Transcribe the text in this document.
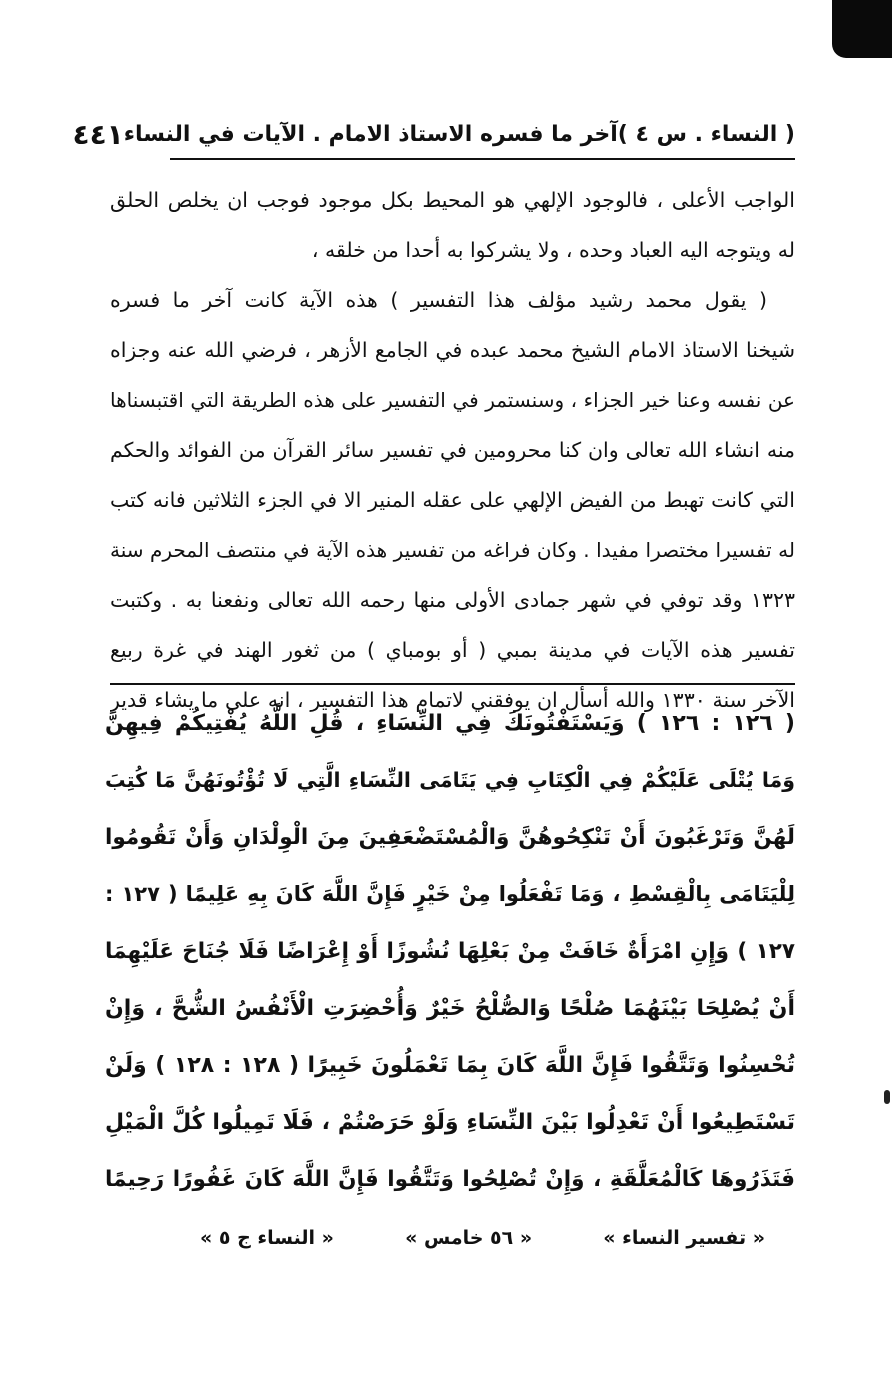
( النساء . س ٤ )
آخر ما فسره الاستاذ الامام . الآيات في النساء
٤٤١
الواجب الأعلى ، فالوجود الإلهي هو المحيط بكل موجود فوجب ان يخلص الحلق
له ويتوجه اليه العباد وحده ، ولا يشركوا به أحدا من خلقه ،
( يقول محمد رشيد مؤلف هذا التفسير ) هذه الآية كانت آخر ما فسره
شيخنا الاستاذ الامام الشيخ محمد عبده في الجامع الأزهر ، فرضي الله عنه وجزاه
عن نفسه وعنا خير الجزاء ، وسنستمر في التفسير على هذه الطريقة التي اقتبسناها
منه انشاء الله تعالى وان كنا محرومين في تفسير سائر القرآن من الفوائد والحكم
التي كانت تهبط من الفيض الإلهي على عقله المنير الا في الجزء الثلاثين فانه كتب
له تفسيرا مختصرا مفيدا . وكان فراغه من تفسير هذه الآية في منتصف المحرم سنة
١٣٢٣ وقد توفي في شهر جمادى الأولى منها رحمه الله تعالى ونفعنا به . وكتبت
تفسير هذه الآيات في مدينة بمبي ( أو بومباي ) من ثغور الهند في غرة ربيع
الآخر سنة ١٣٣٠ والله أسأل ان يوفقني لاتمام هذا التفسير ، انه على ما يشاء قدير
( ١٢٦ : ١٢٦ ) وَيَسْتَفْتُونَكَ فِي النِّسَاءِ ، قُلِ اللَّهُ يُفْتِيكُمْ فِيهِنَّ
وَمَا يُتْلَى عَلَيْكُمْ فِي الْكِتَابِ فِي يَتَامَى النِّسَاءِ الَّتِي لَا تُؤْتُونَهُنَّ مَا كُتِبَ
لَهُنَّ وَتَرْغَبُونَ أَنْ تَنْكِحُوهُنَّ وَالْمُسْتَضْعَفِينَ مِنَ الْوِلْدَانِ وَأَنْ تَقُومُوا
لِلْيَتَامَى بِالْقِسْطِ ، وَمَا تَفْعَلُوا مِنْ خَيْرٍ فَإِنَّ اللَّهَ كَانَ بِهِ عَلِيمًا ( ١٢٧ :
١٢٧ ) وَإِنِ امْرَأَةٌ خَافَتْ مِنْ بَعْلِهَا نُشُوزًا أَوْ إِعْرَاضًا فَلَا جُنَاحَ عَلَيْهِمَا
أَنْ يُصْلِحَا بَيْنَهُمَا صُلْحًا وَالصُّلْحُ خَيْرٌ وَأُحْضِرَتِ الْأَنْفُسُ الشُّحَّ ، وَإِنْ
تُحْسِنُوا وَتَتَّقُوا فَإِنَّ اللَّهَ كَانَ بِمَا تَعْمَلُونَ خَبِيرًا ( ١٢٨ : ١٢٨ ) وَلَنْ
تَسْتَطِيعُوا أَنْ تَعْدِلُوا بَيْنَ النِّسَاءِ وَلَوْ حَرَصْتُمْ ، فَلَا تَمِيلُوا كُلَّ الْمَيْلِ
فَتَذَرُوهَا كَالْمُعَلَّقَةِ ، وَإِنْ تُصْلِحُوا وَتَتَّقُوا فَإِنَّ اللَّهَ كَانَ غَفُورًا رَحِيمًا
« تفسير النساء »
« ٥٦ خامس »
« النساء ج ٥ »
